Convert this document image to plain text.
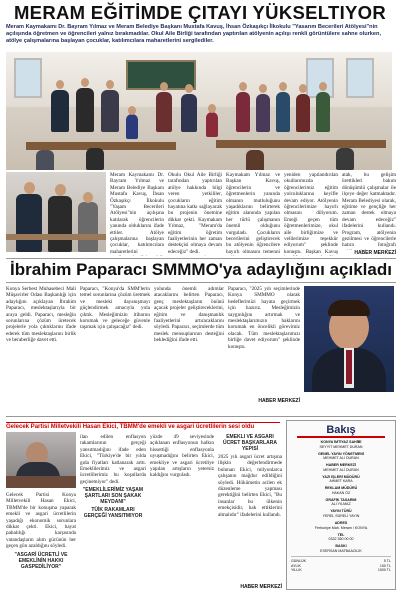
MERAM EĞİTİMDE ÇITAYI YÜKSELTIYOR
Meram Kaymakamı Dr. Bayram Yılmaz ve Meram Belediye Başkanı Mustafa Kavuş, İhsan Özkaşıkçı İlkokulu "Yasarım Becerileri Atölyesi"nin açılışında öğretmen ve öğrencileri yalnız bırakmadılar. Okul Aile Birliği tarafından yaptırılan atölyenin açılışı renkli görüntülere sahne olurken, atölye çalışmalarına başlayan çocuklar, katılımcılara maharetlerini sergilediler.
Meram Kaymakamı Dr. Bayram Yılmaz ve Meram Belediye Başkanı Mustafa Kavuş, İhsan Özkaşıkçı İlkokulu "Yaşam Becerileri Atölyesi"nin açılışına katılarak öğrencilerin yanında olduklarını ifade ettiler. Atölye çalışmalarına başlayan çocuklar, katılımcılara maharetlerini
Okulu Okul Aile Birliği tarafından yaptırılan atölye hakkında bilgi veren yetkililer, çocukların eğitim hayatına katkı sağlayacak bu projenin önemine dikkat çekti. Kaymakam Yılmaz, "Meram'da eğitim öğretim faaliyetlerinin her zaman destekçisi olmaya devam edeceğiz" dedi.
Kaymakam Yılmaz ve Başkan Kavuş, öğrencilerin ve öğretmenlerin yanında olmanın mutluluğunu yaşadıklarını belirterek eğitim alanında yapılan her türlü çalışmanın önemli olduğunu vurguladı. Çocukların becerilerini geliştirecek bu atölyenin öğrencilere hayırlı olmasını temenni
yeniden yapılandırılan okullarımızda öğrencilerimiz eğitim yolculuklarına keyifle devam ediyor. Atölyenin öğrencilerimize hayırlı olmasını diliyorum. Emeği geçen tüm öğretmenlerimize, okul aile birliğimize ve velilerimize teşekkür ediyorum" şeklinde konuştu. Başkan Kavuş
atak, bu gelişim ürettikleri bakım dönüşümlü çalışmalar ile ilçeye değer katmaktadır. Meram Belediyesi olarak, eğitime ve gençliğe her zaman destek olmaya devam edeceğiz" ifadelerini kullandı. Program, atölyenin gezilmesi ve öğrencilerle hatıra fotoğrafı
HABER MERKEZİ
İbrahim Paparacı SMMMO'ya adaylığını açıkladı
Konya Serbest Muhasebeci Mali Müşavirler Odası Başkanlığı için adaylığını açıklayan İbrahim Paparacı, meslektaşlarıyla bir araya geldi. Paparacı, mesleğin sorunlarına çözüm üretecek projelerle yola çıktıklarını ifade ederek tüm meslektaşlarını birlik ve beraberliğe davet etti.
Paparacı, "Konya'da SMM'lerin temel sorunlarına çözüm üretmek ve mesleki dayanışmayı güçlendirmek amacıyla yola çıktık. Mesleğimizin itibarını korumak ve geleceğe güvenle taşımak için çalışacağız" dedi.
yolunda önemli adımlar atacaklarını belirten Paparacı, genç meslektaşların önünü açacak projeler geliştireceklerini, eğitim ve danışmanlık faaliyetlerini artıracaklarını söyledi. Paparacı, seçimlerde tüm meslek mensuplarının desteğini beklediğini ifade etti.
Paparacı, "2025 yılı seçimlerinde Konya SMMMO olarak hedeflerimizi hayata geçirmek için hazırız. Mesleğimizin saygınlığını artırmak ve meslektaşlarımızın haklarını korumak en öncelikli görevimiz olacak. Tüm meslektaşlarımızı birliğe davet ediyorum" şeklinde konuştu.
HABER MERKEZİ
Gelecek Partisi Milletvekili Hasan Ekici, TBMM'de emekli ve asgari ücretlilerin sesi oldu
Gelecek Partisi Konya Milletvekili Hasan Ekici, TBMM'de bir konuşma yaparak emekli ve asgari ücretlilerin yaşadığı ekonomik sorunlara dikkat çekti. Ekici, hayat pahalılığı karşısında vatandaşların alım gücünün her geçen gün azaldığını söyledi.
"ASGARİ ÜCRETLİ VE EMEKLİNİN HAKKI GASPEDİLİYOR"
ilan edilen enflasyon rakamlarının gerçeği yansıtmadığını ifade eden Ekici, "Türkiye'de bir yılda gıda fiyatları katlanarak arttı. Emeklilerimiz ve asgari ücretlilerimiz bu koşullarda geçinemiyor" dedi.
"EMEKLİLERİMİZ YAŞAM ŞARTLARI SON ŞAKAK MEYDANI"
TÜİK RAKAMLARI GERÇEĞİ YANSITMIYOR
yüzde 49 seviyesinde açıklanan enflasyonun halkın hissettiği enflasyonla uyuşmadığını belirten Ekici, emekliye ve asgari ücretliye yapılan artışların yetersiz kaldığını vurguladı.
EMEKLİ VE ASGARİ ÜCRET BAŞKARLARA YEPISİ
2025 yılı asgari ücret artışına ilişkin değerlendirmede bulunan Ekici, milyonlarca çalışanın mağdur edildiğini söyledi. Hükümetin acilen ek düzenleme yapması gerektiğini belirten Ekici, "Bu insanlar bu ülkenin emekçisidir, hak ettiklerini almalıdır" ifadelerini kullandı.
HABER MERKEZİ
Bakış
KONYA İMTİYAZ SAHİBİ
SEYYİT MEHMET DURAN
GENEL YAYIN YÖNETMENİ
MEHMET ALİ DURAN
HABER MERKEZİ
MEHMET ALİ DURAN
YAZI İŞLERİ MÜDÜRÜ
AHMET KARA
REKLAM MÜDÜRÜ
HAKAN ÖZ
GRAFİK TASARIM
ALİ YILMAZ
YAYIN TÜRÜ
YEREL SÜRELİ YAYIN
ADRES
Ferhuniye Mah. Meram / KONYA
TEL
0332 350 00 00
BASKI
ESERSAN MATBAACILIK
GÜNLÜK	5 TL
AYLIK	150 TL
YILLIK	1500 TL
